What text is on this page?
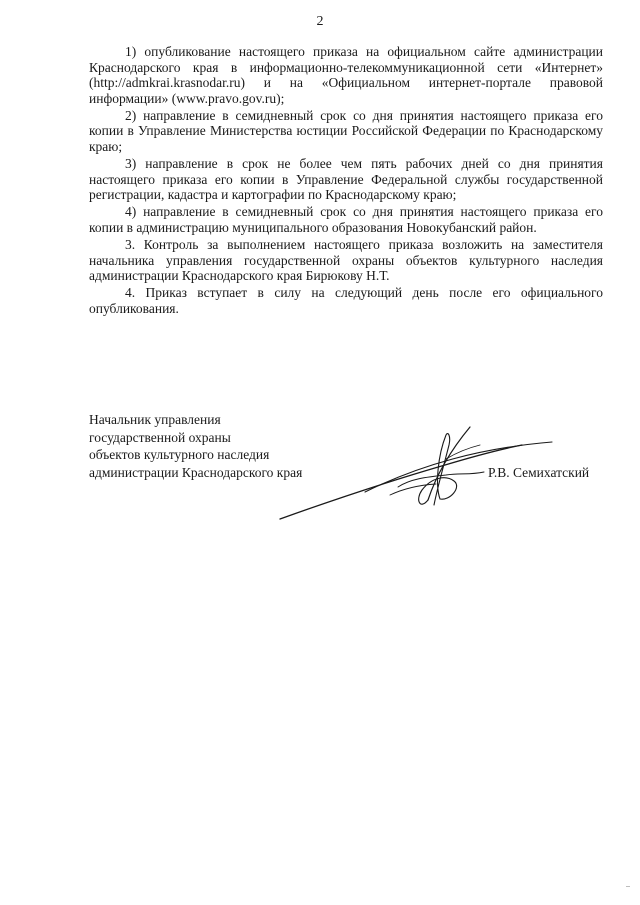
2

1) опубликование настоящего приказа на официальном сайте администрации Краснодарского края в информационно-телекоммуникационной сети «Интернет» (http://admkrai.krasnodar.ru) и на «Официальном интернет-портале правовой информации» (www.pravo.gov.ru);

2) направление в семидневный срок со дня принятия настоящего приказа его копии в Управление Министерства юстиции Российской Федерации по Краснодарскому краю;

3) направление в срок не более чем пять рабочих дней со дня принятия настоящего приказа его копии в Управление Федеральной службы государственной регистрации, кадастра и картографии по Краснодарскому краю;

4) направление в семидневный срок со дня принятия настоящего приказа его копии в администрацию муниципального образования Новокубанский район.

3. Контроль за выполнением настоящего приказа возложить на заместителя начальника управления государственной охраны объектов культурного наследия администрации Краснодарского края Бирюкову Н.Т.

4. Приказ вступает в силу на следующий день после его официального опубликования.

Начальник управления
государственной охраны
объектов культурного наследия
администрации Краснодарского края	Р.В. Семихатский
